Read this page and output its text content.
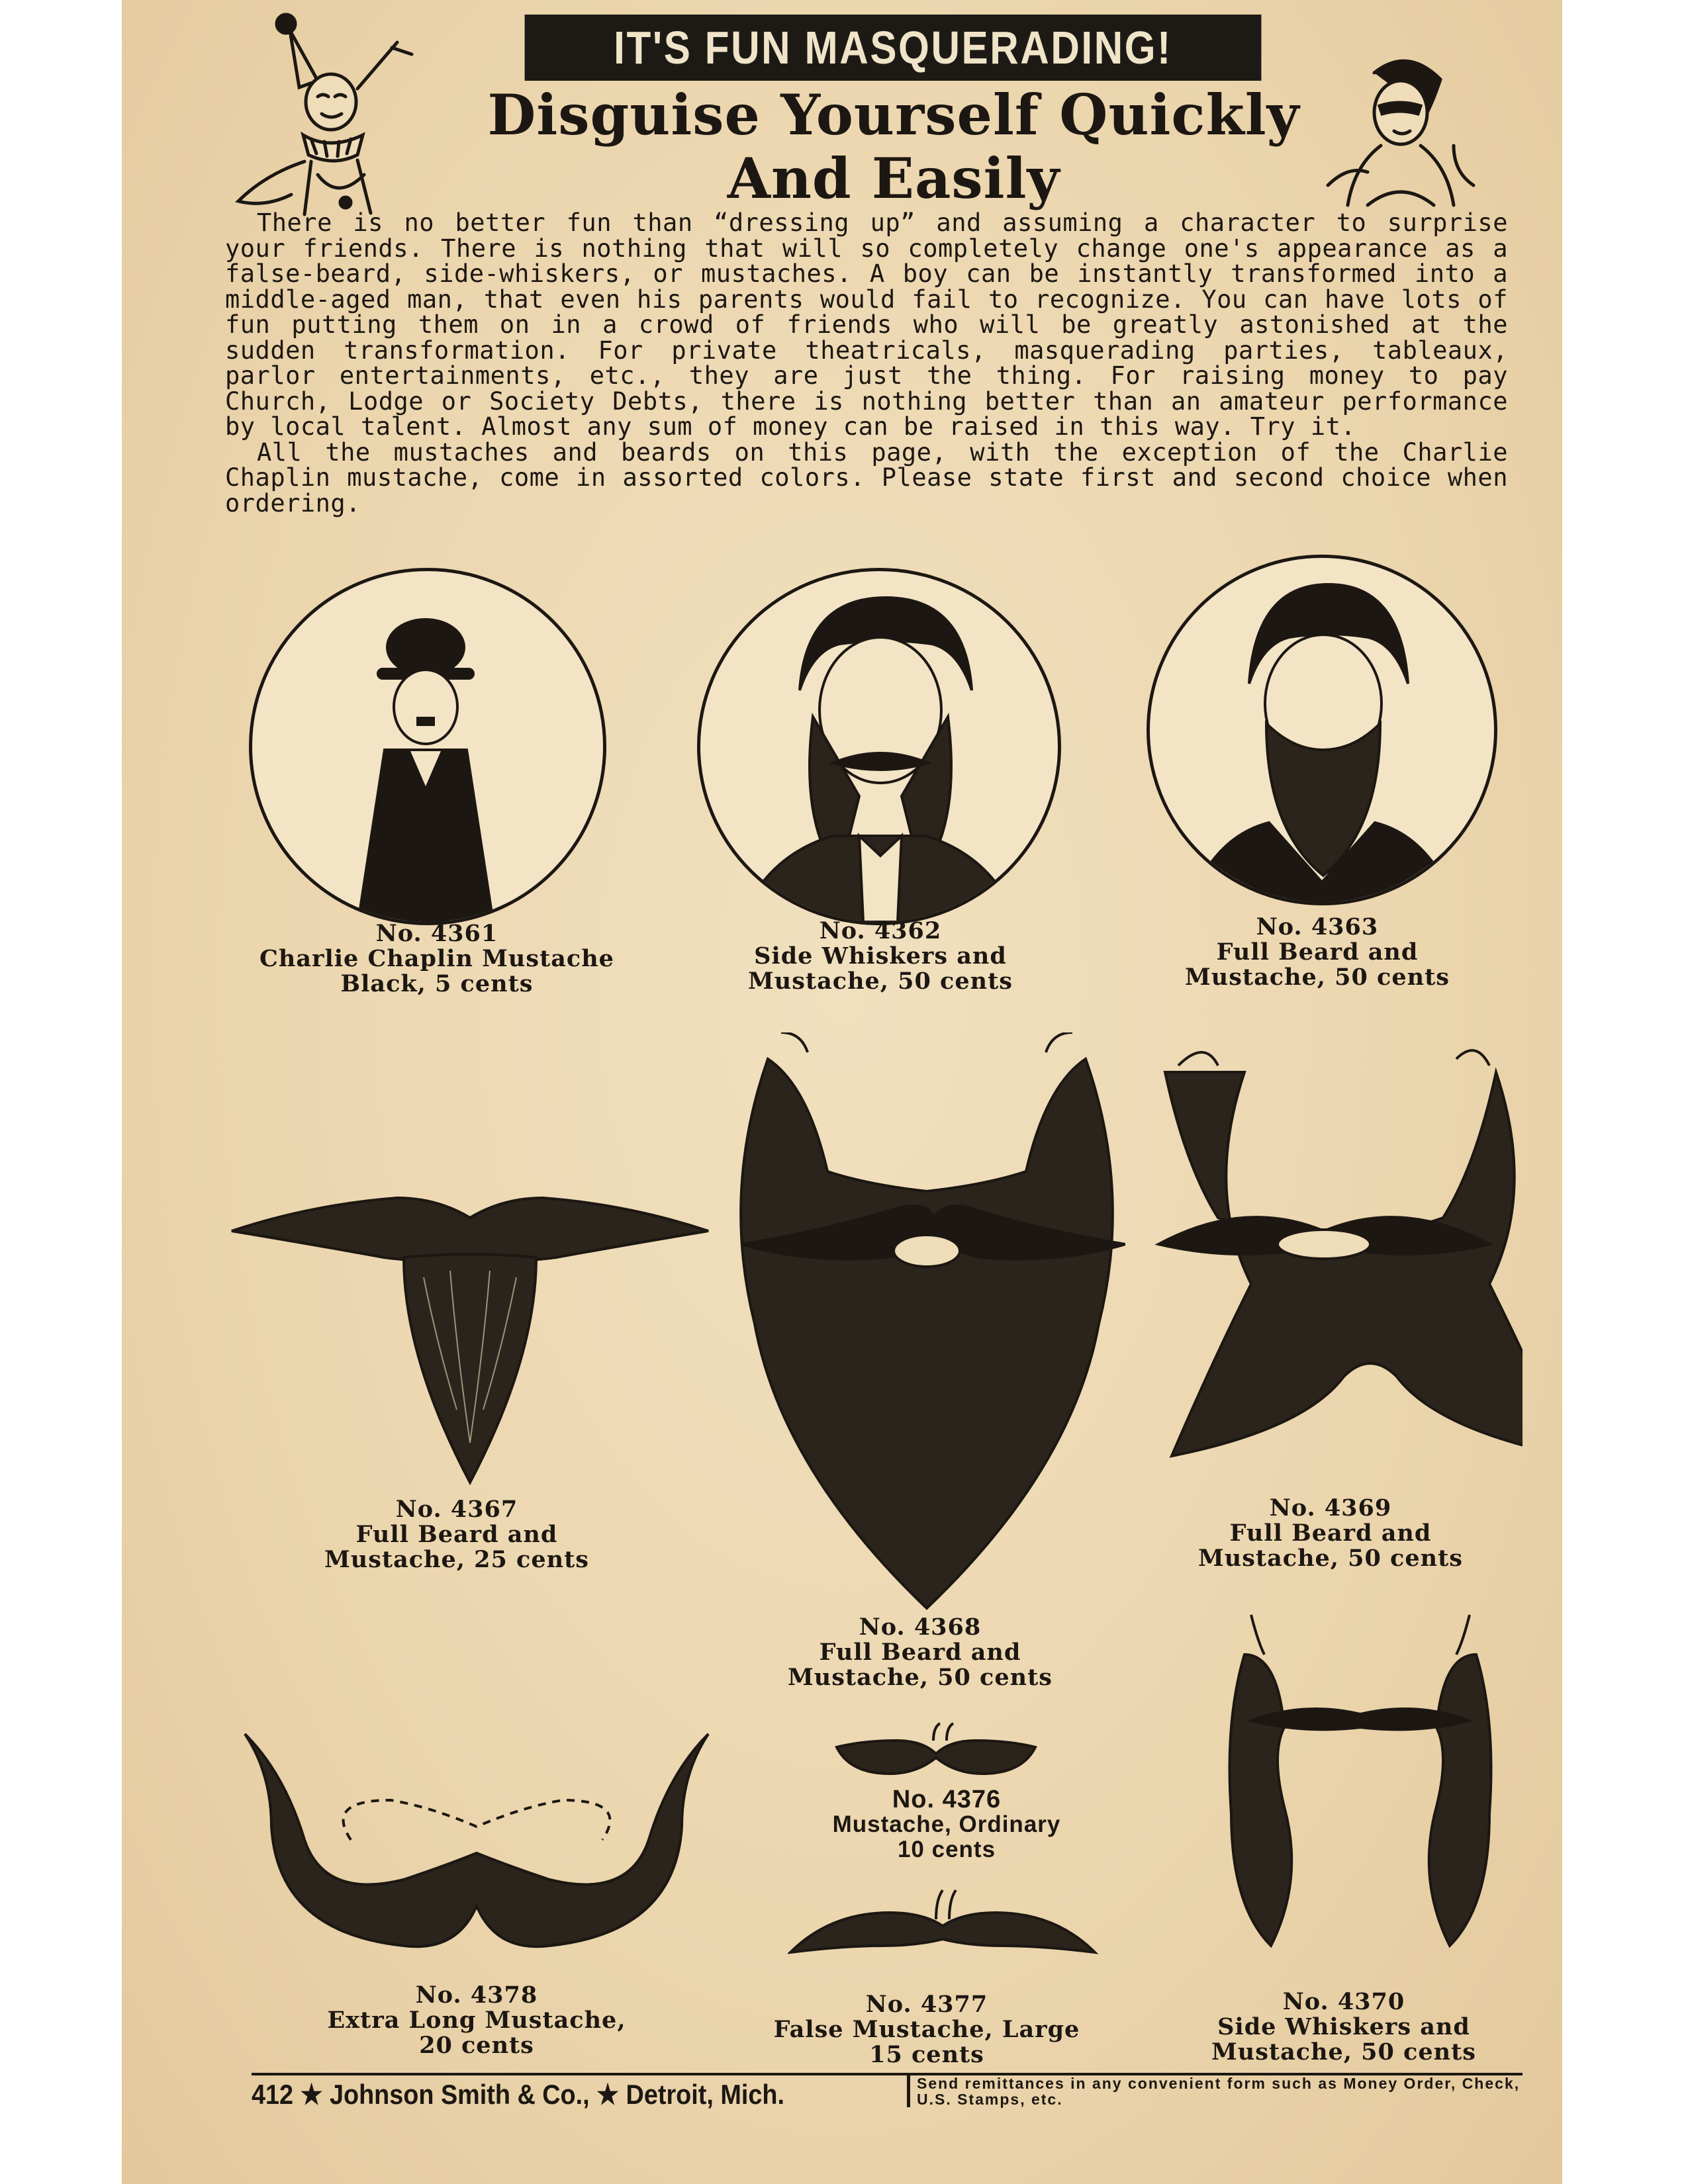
IT'S FUN MASQUERADING!
Disguise Yourself Quickly
And Easily

There is no better fun than “dressing up” and assuming a character to surprise your friends. There is nothing that will so completely change one's appearance as a false-beard, side-whiskers, or mustaches. A boy can be instantly transformed into a middle-aged man, that even his parents would fail to recognize. You can have lots of fun putting them on in a crowd of friends who will be greatly astonished at the sudden transformation. For private theatricals, masquerading parties, tableaux, parlor entertainments, etc., they are just the thing. For raising money to pay Church, Lodge or Society Debts, there is nothing better than an amateur performance by local talent. Almost any sum of money can be raised in this way. Try it.

All the mustaches and beards on this page, with the exception of the Charlie Chaplin mustache, come in assorted colors. Please state first and second choice when ordering.

No. 4361
Charlie Chaplin Mustache
Black, 5 cents
No. 4362
Side Whiskers and
Mustache, 50 cents
No. 4363
Full Beard and
Mustache, 50 cents
No. 4367
Full Beard and
Mustache, 25 cents
No. 4368
Full Beard and
Mustache, 50 cents
No. 4369
Full Beard and
Mustache, 50 cents
No. 4376
Mustache, Ordinary
10 cents
No. 4378
Extra Long Mustache,
20 cents
No. 4377
False Mustache, Large
15 cents
No. 4370
Side Whiskers and
Mustache, 50 cents
412 ★ Johnson Smith & Co., ★ Detroit, Mich.	Send remittances in any convenient form such as Money Order, Check, U.S. Stamps, etc.
